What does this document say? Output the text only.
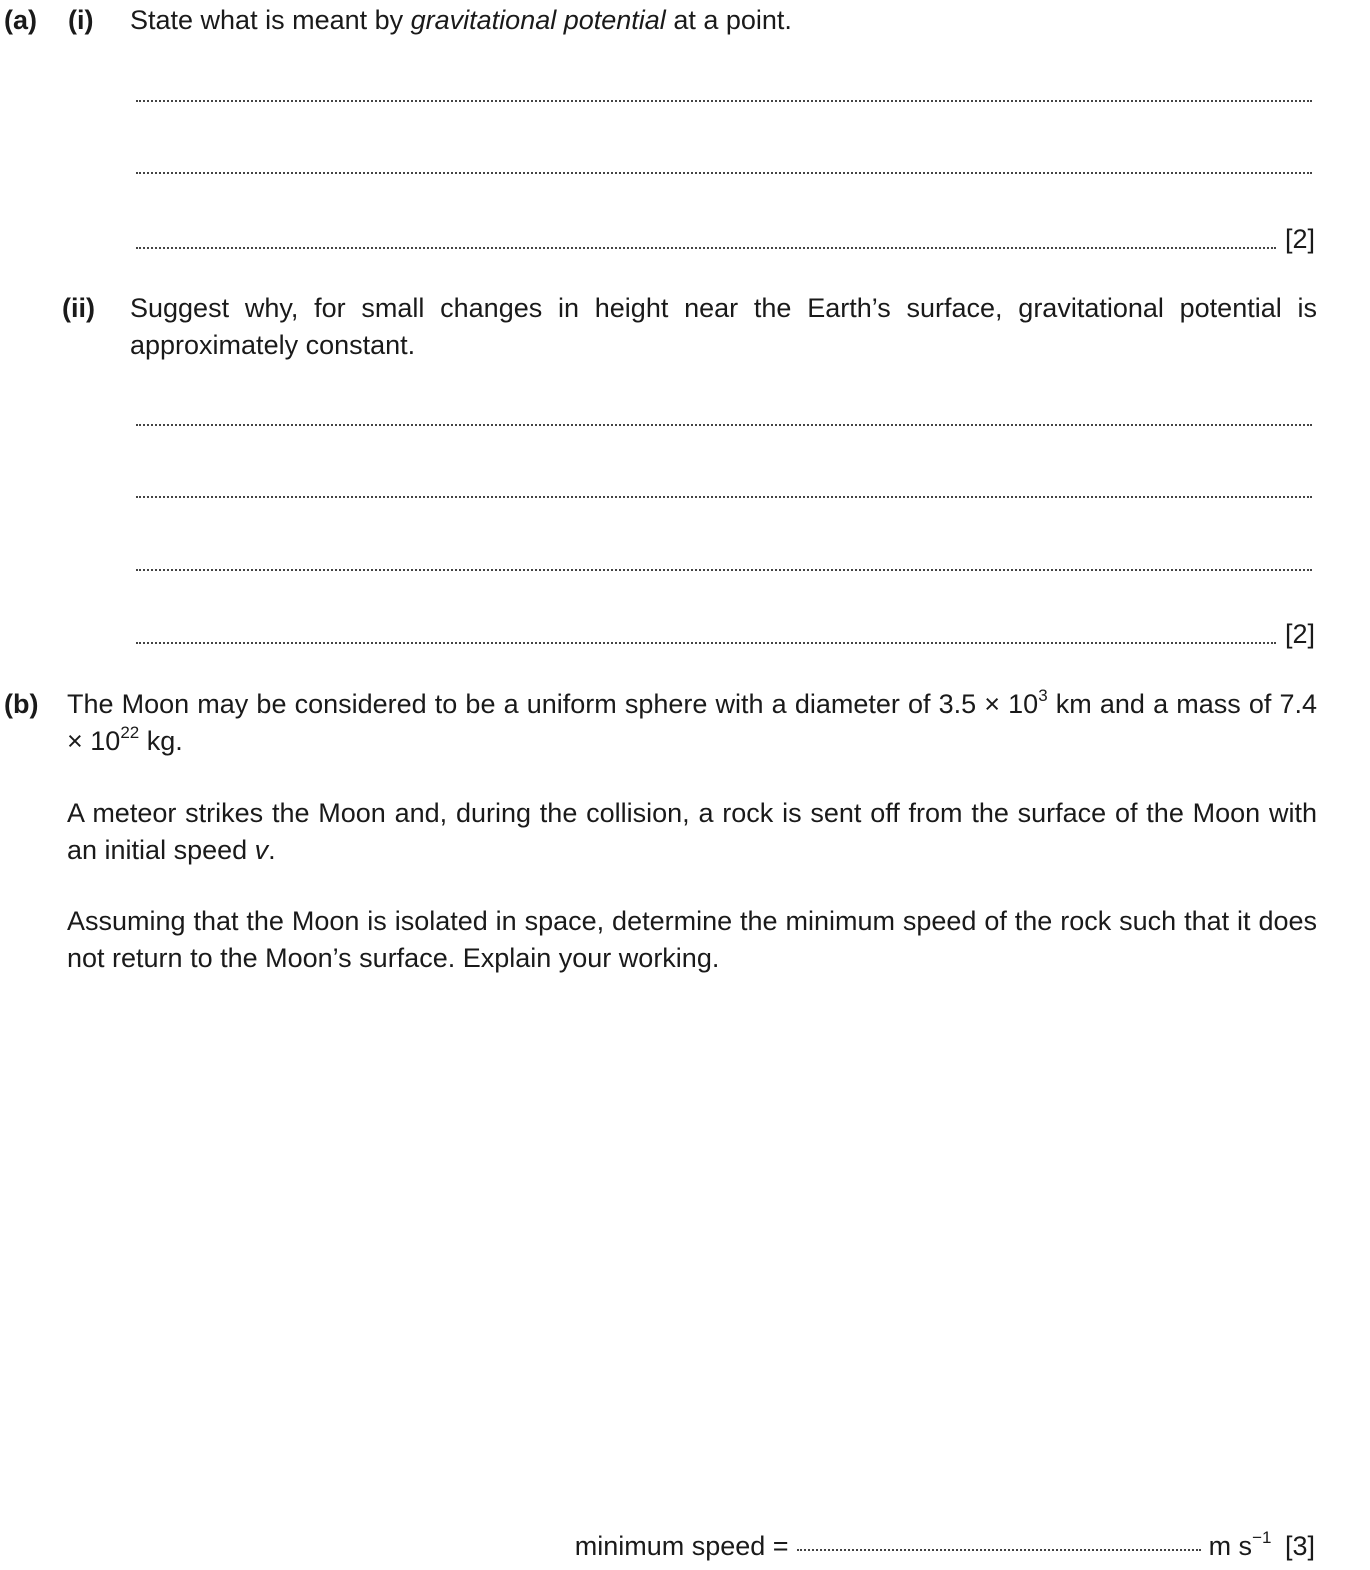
(a) (i) State what is meant by gravitational potential at a point.
[2]
(ii) Suggest why, for small changes in height near the Earth’s surface, gravitational potential is approximately constant.
[2]
(b) The Moon may be considered to be a uniform sphere with a diameter of $3.5 \times 10^3$ km and a mass of $7.4 \times 10^{22}$ kg.
A meteor strikes the Moon and, during the collision, a rock is sent off from the surface of the Moon with an initial speed v.
Assuming that the Moon is isolated in space, determine the minimum speed of the rock such that it does not return to the Moon’s surface. Explain your working.
minimum speed =	m $s^{-1}$ [3]
